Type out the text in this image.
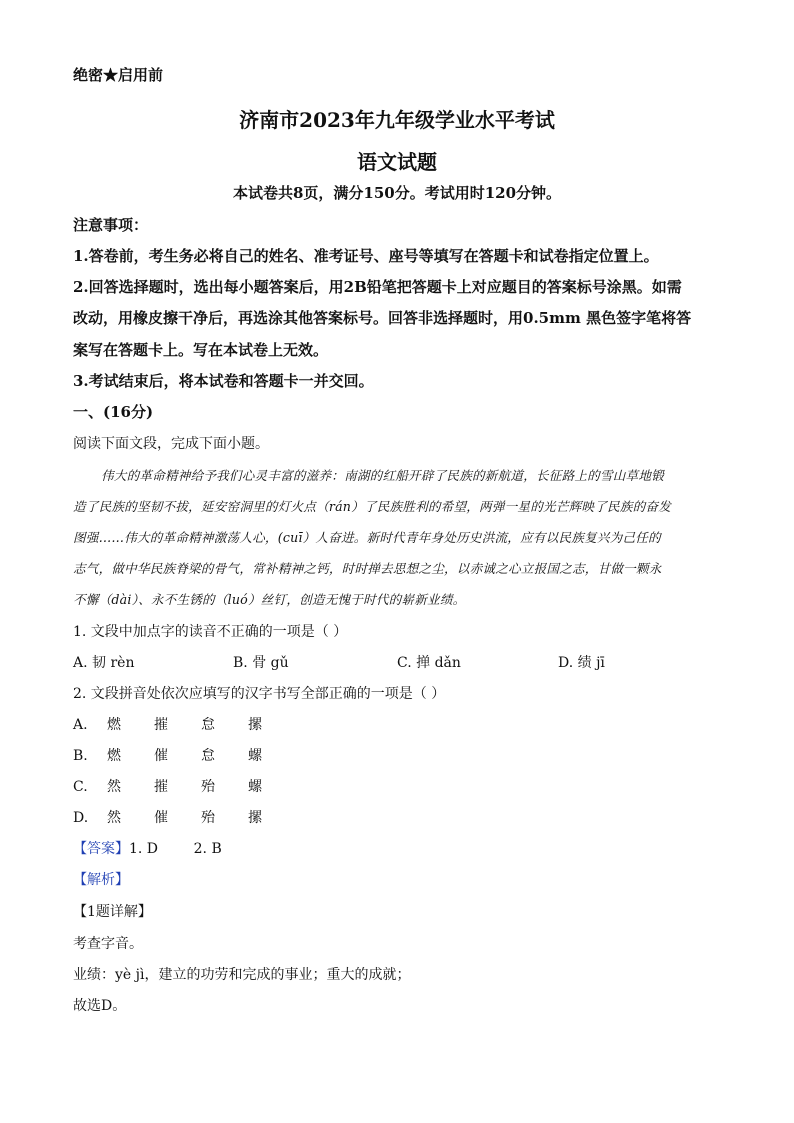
绝密★启用前
济南市2023年九年级学业水平考试
语文试题
本试卷共8页，满分150分。考试用时120分钟。
注意事项：
1.答卷前，考生务必将自己的姓名、准考证号、座号等填写在答题卡和试卷指定位置上。
2.回答选择题时，选出每小题答案后，用2B铅笔把答题卡上对应题目的答案标号涂黑。如需
改动，用橡皮擦干净后，再选涂其他答案标号。回答非选择题时，用0.5mm 黑色签字笔将答
案写在答题卡上。写在本试卷上无效。
3.考试结束后，将本试卷和答题卡一并交回。
一、(16分)
阅读下面文段，完成下面小题。
伟大的革命精神给予我们心灵丰富的滋养：南湖的红船开辟了民族的新航道，长征路上的雪山草地锻
造了民族的坚韧不拔，延安窑洞里的灯火点（rán）了民族胜利的希望，两弹一星的光芒辉映了民族的奋发
图强……伟大的革命精神激荡人心，(cuī）人奋进。新时代青年身处历史洪流，应有以民族复兴为己任的
志气，做中华民族脊梁的骨气，常补精神之钙，时时掸去思想之尘，以赤诚之心立报国之志，甘做一颗永
不懈（dài）、永不生锈的（luó）丝钉，创造无愧于时代的崭新业绩。
1. 文段中加点字的读音不正确的一项是（ ）
A. 韧 rèn	B. 骨 gǔ	C. 掸 dǎn	D. 绩 jī
2. 文段拼音处依次应填写的汉字书写全部正确的一项是（ ）
A. 燃 摧 怠 摞
B. 燃 催 怠 螺
C. 然 摧 殆 螺
D. 然 催 殆 摞
【答案】1. D        2. B
【解析】
【1题详解】
考查字音。
业绩：yè jì，建立的功劳和完成的事业；重大的成就；
故选D。
